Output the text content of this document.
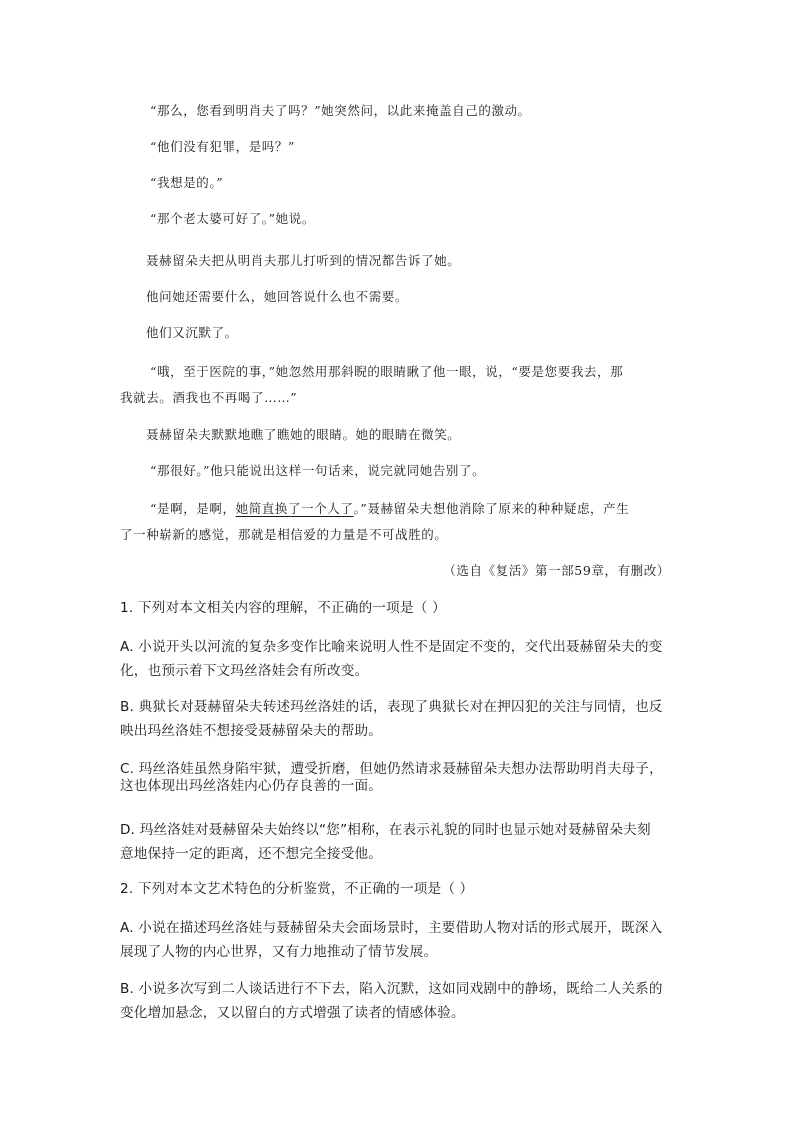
“那么，您看到明肖夫了吗？”她突然问，以此来掩盖自己的激动。

“他们没有犯罪，是吗？”

“我想是的。”

“那个老太婆可好了。”她说。

聂赫留朵夫把从明肖夫那儿打听到的情况都告诉了她。

他问她还需要什么，她回答说什么也不需要。

他们又沉默了。

“哦，至于医院的事，”她忽然用那斜睨的眼睛瞅了他一眼，说，“要是您要我去，那

我就去。酒我也不再喝了……”

聂赫留朵夫默默地瞧了瞧她的眼睛。她的眼睛在微笑。

“那很好。”他只能说出这样一句话来，说完就同她告别了。

“是啊，是啊，她简直换了一个人了。”聂赫留朵夫想他消除了原来的种种疑虑，产生

了一种崭新的感觉，那就是相信爱的力量是不可战胜的。

（选自《复活》第一部59章，有删改）

1. 下列对本文相关内容的理解，不正确的一项是（ ）

A. 小说开头以河流的复杂多变作比喻来说明人性不是固定不变的，交代出聂赫留朵夫的变

化，也预示着下文玛丝洛娃会有所改变。

B. 典狱长对聂赫留朵夫转述玛丝洛娃的话，表现了典狱长对在押囚犯的关注与同情，也反

映出玛丝洛娃不想接受聂赫留朵夫的帮助。

C. 玛丝洛娃虽然身陷牢狱，遭受折磨，但她仍然请求聂赫留朵夫想办法帮助明肖夫母子，

这也体现出玛丝洛娃内心仍存良善的一面。

D. 玛丝洛娃对聂赫留朵夫始终以“您”相称，在表示礼貌的同时也显示她对聂赫留朵夫刻

意地保持一定的距离，还不想完全接受他。

2. 下列对本文艺术特色的分析鉴赏，不正确的一项是（ ）

A. 小说在描述玛丝洛娃与聂赫留朵夫会面场景时，主要借助人物对话的形式展开，既深入

展现了人物的内心世界，又有力地推动了情节发展。

B. 小说多次写到二人谈话进行不下去，陷入沉默，这如同戏剧中的静场，既给二人关系的

变化增加悬念，又以留白的方式增强了读者的情感体验。
